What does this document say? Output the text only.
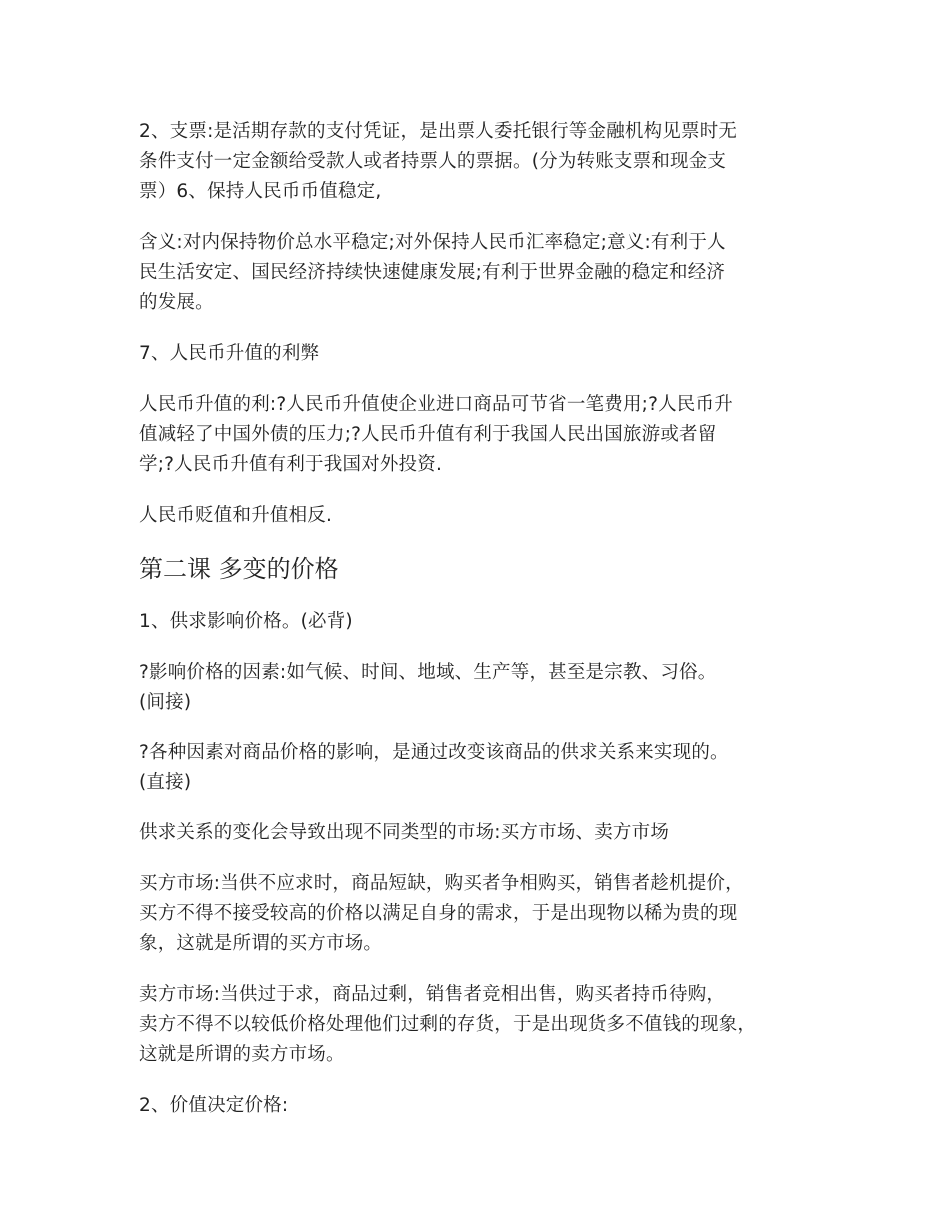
2、支票:是活期存款的支付凭证，是出票人委托银行等金融机构见票时无
条件支付一定金额给受款人或者持票人的票据。(分为转账支票和现金支
票）6、保持人民币币值稳定,

含义:对内保持物价总水平稳定;对外保持人民币汇率稳定;意义:有利于人
民生活安定、国民经济持续快速健康发展;有利于世界金融的稳定和经济
的发展。

7、人民币升值的利弊

人民币升值的利:?人民币升值使企业进口商品可节省一笔费用;?人民币升
值减轻了中国外债的压力;?人民币升值有利于我国人民出国旅游或者留
学;?人民币升值有利于我国对外投资.

人民币贬值和升值相反.

第二课 多变的价格

1、供求影响价格。(必背)

?影响价格的因素:如气候、时间、地域、生产等，甚至是宗教、习俗。
(间接)

?各种因素对商品价格的影响，是通过改变该商品的供求关系来实现的。
(直接)

供求关系的变化会导致出现不同类型的市场:买方市场、卖方市场

买方市场:当供不应求时，商品短缺，购买者争相购买，销售者趁机提价，
买方不得不接受较高的价格以满足自身的需求，于是出现物以稀为贵的现
象，这就是所谓的买方市场。

卖方市场:当供过于求，商品过剩，销售者竞相出售，购买者持币待购，
卖方不得不以较低价格处理他们过剩的存货，于是出现货多不值钱的现象，
这就是所谓的卖方市场。

2、价值决定价格:
